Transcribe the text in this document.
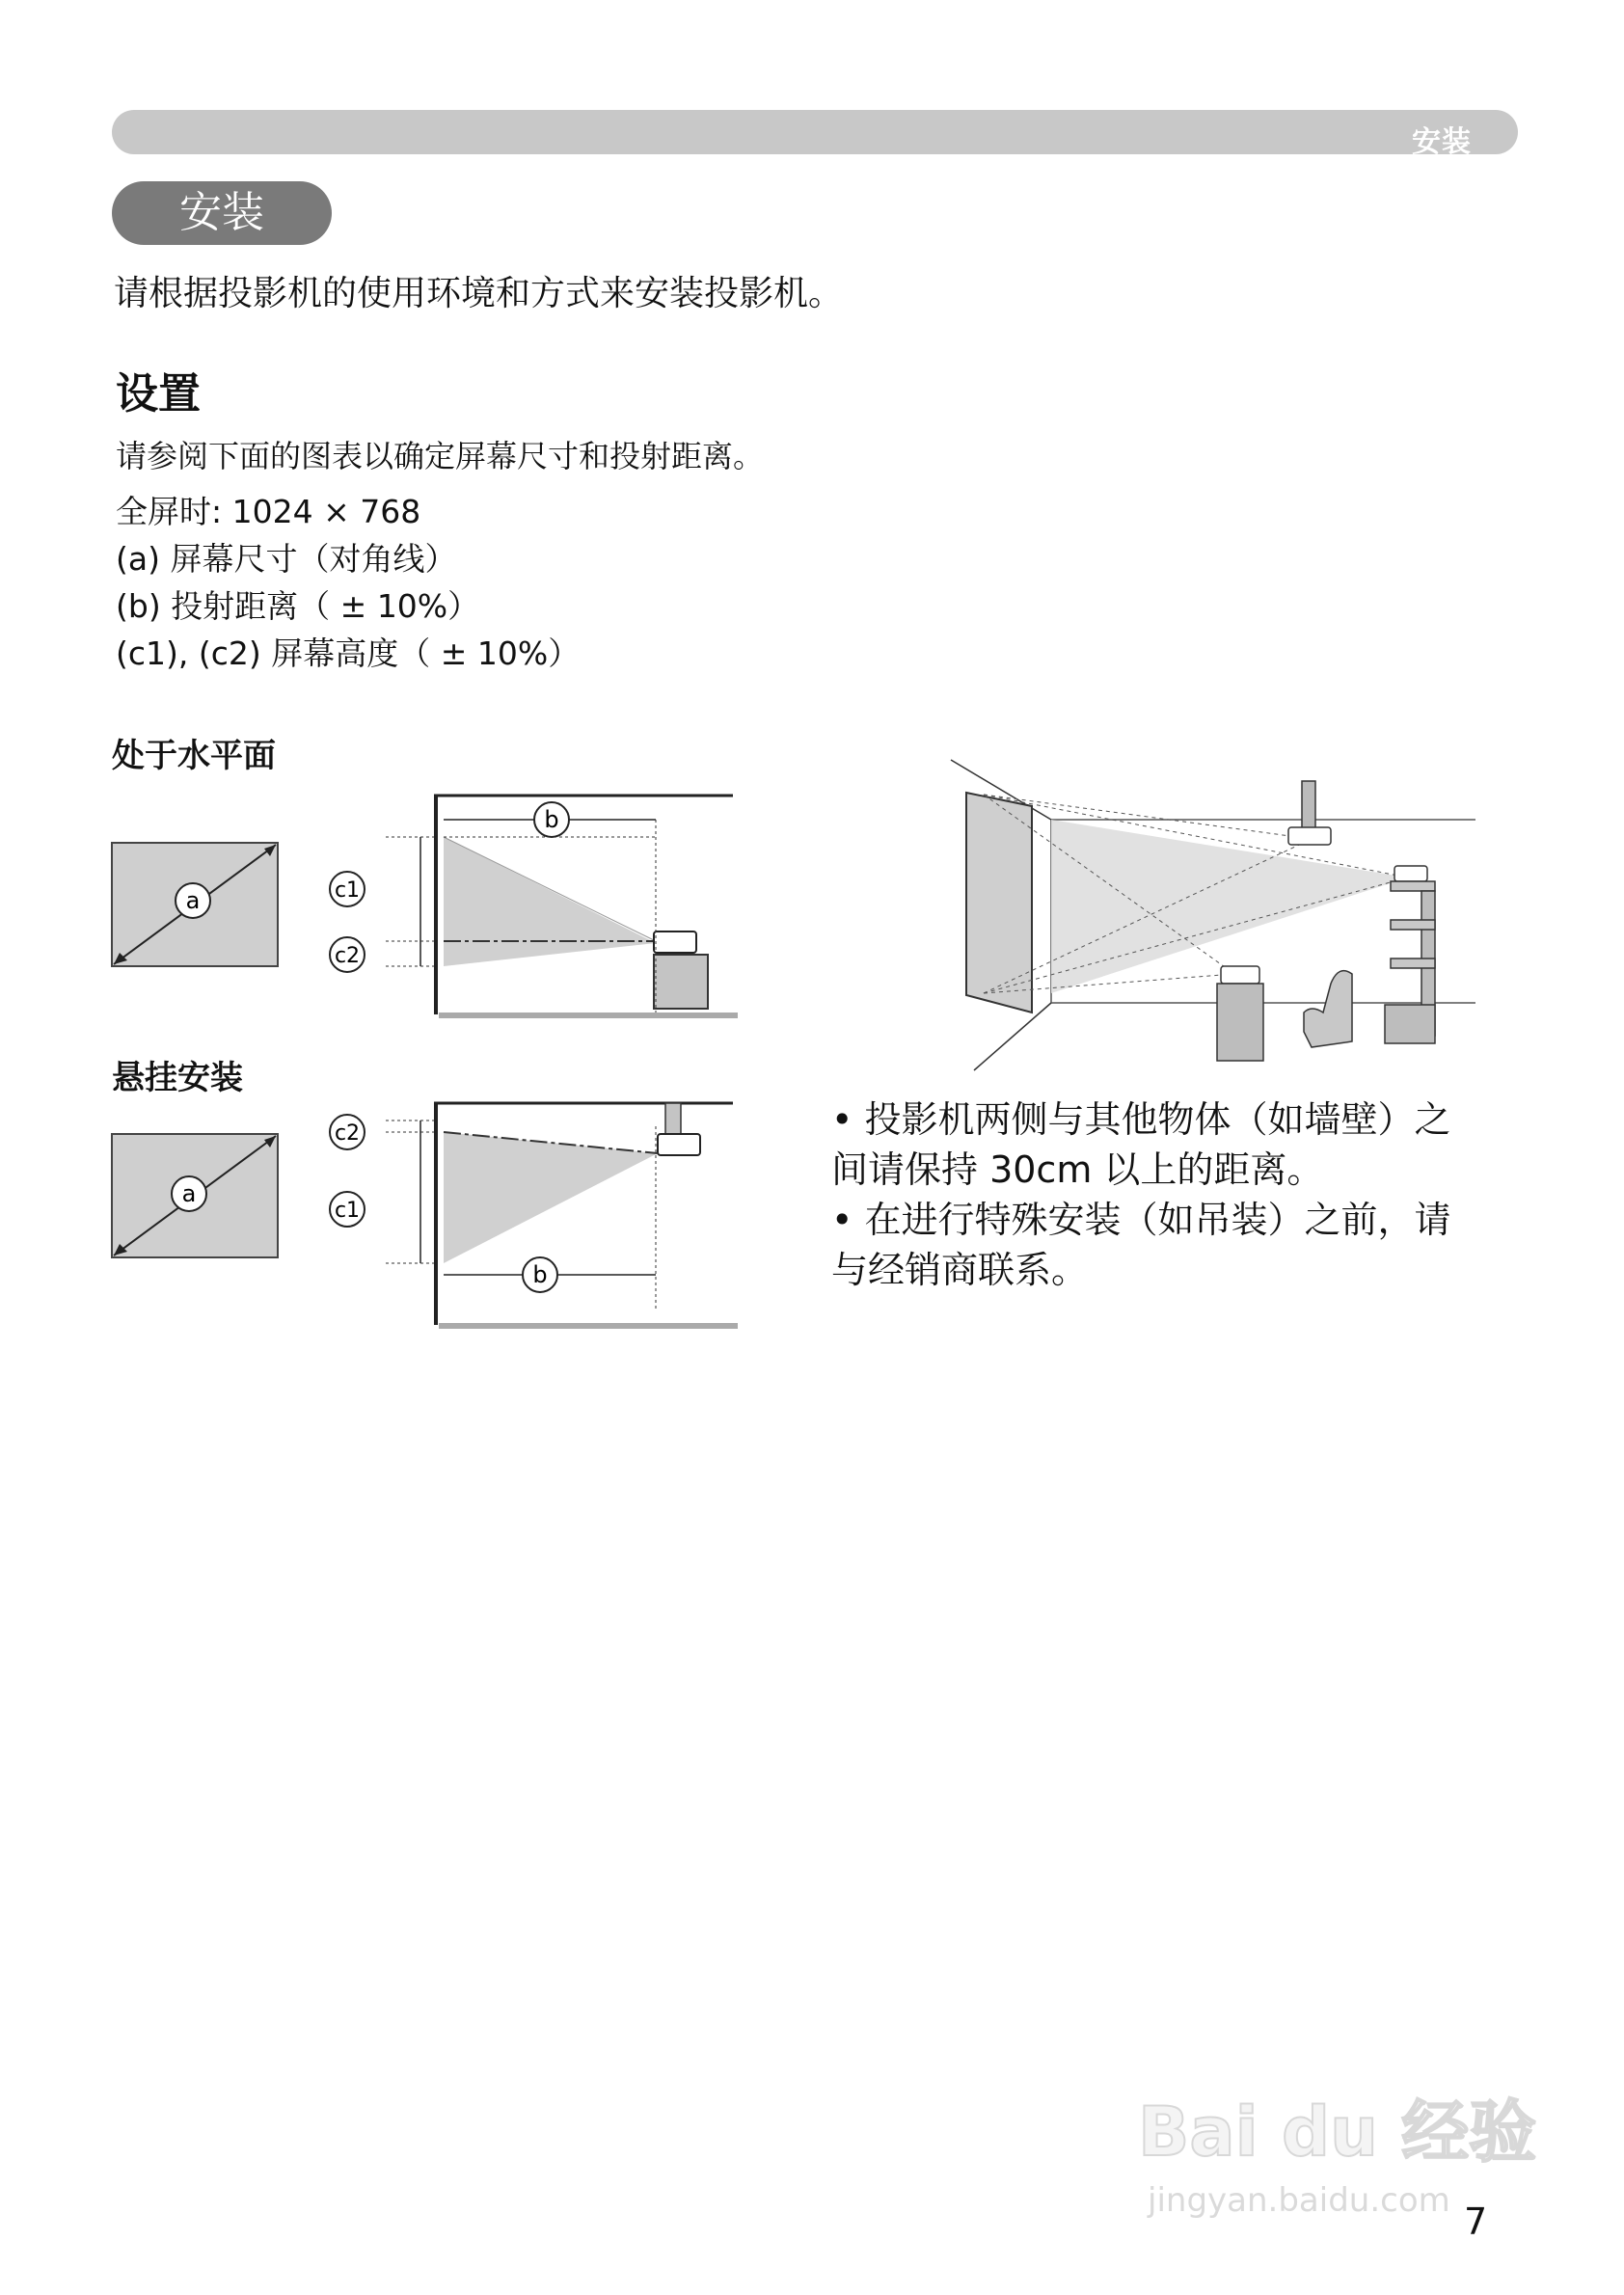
安装
安装
请根据投影机的使用环境和方式来安装投影机。
设置
请参阅下面的图表以确定屏幕尺寸和投射距离。
全屏时: 1024 × 768
(a) 屏幕尺寸（对角线）
(b) 投射距离（ ± 10%）
(c1), (c2) 屏幕高度（ ± 10%）
处于水平面
悬挂安装
a
b
c1
c2
a
b
c2
c1
• 投影机两侧与其他物体（如墙壁）之间请保持 30cm 以上的距离。
• 在进行特殊安装（如吊装）之前，请与经销商联系。
Bai du 经验
jingyan.baidu.com 7
